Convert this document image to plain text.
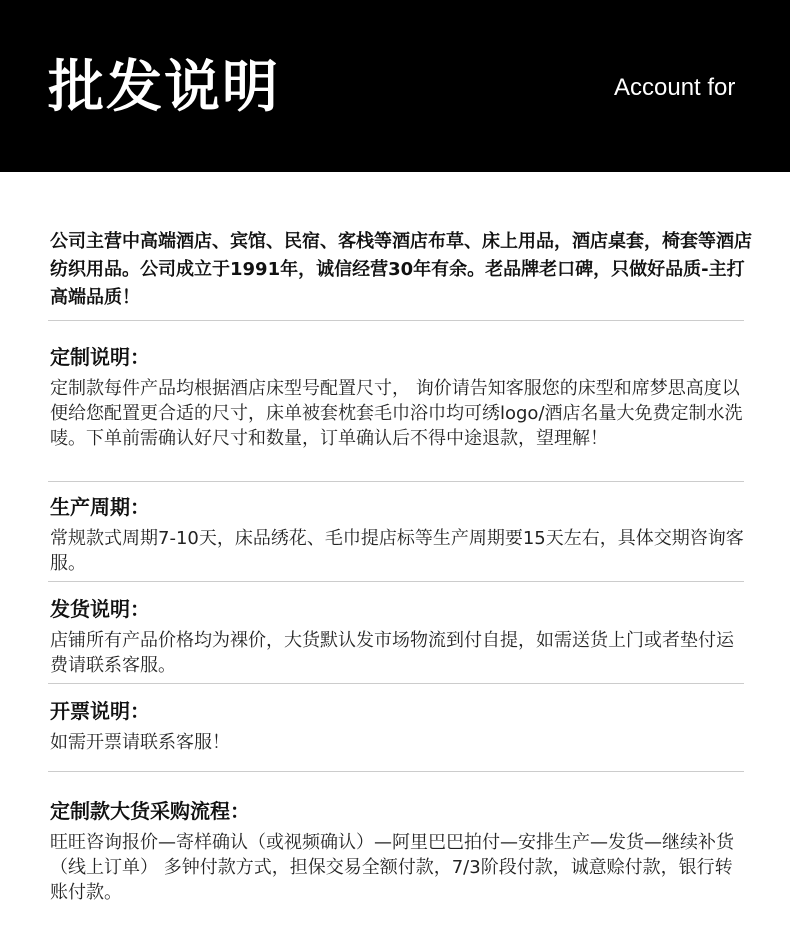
批发说明	Account for
公司主营中高端酒店、宾馆、民宿、客栈等酒店布草、床上用品，酒店桌套，椅套等酒店纺织用品。公司成立于1991年，诚信经营30年有余。老品牌老口碑，只做好品质-主打高端品质！
定制说明：

定制款每件产品均根据酒店床型号配置尺寸， 询价请告知客服您的床型和席梦思高度以便给您配置更合适的尺寸，床单被套枕套毛巾浴巾均可绣logo/酒店名量大免费定制水洗唛。下单前需确认好尺寸和数量，订单确认后不得中途退款，望理解！

生产周期：

常规款式周期7-10天，床品绣花、毛巾提店标等生产周期要15天左右，具体交期咨询客服。

发货说明：

店铺所有产品价格均为裸价，大货默认发市场物流到付自提，如需送货上门或者垫付运费请联系客服。

开票说明：

如需开票请联系客服！

定制款大货采购流程：

旺旺咨询报价—寄样确认（或视频确认）—阿里巴巴拍付—安排生产—发货—继续补货（线上订单） 多钟付款方式，担保交易全额付款，7/3阶段付款，诚意赊付款，银行转账付款。
